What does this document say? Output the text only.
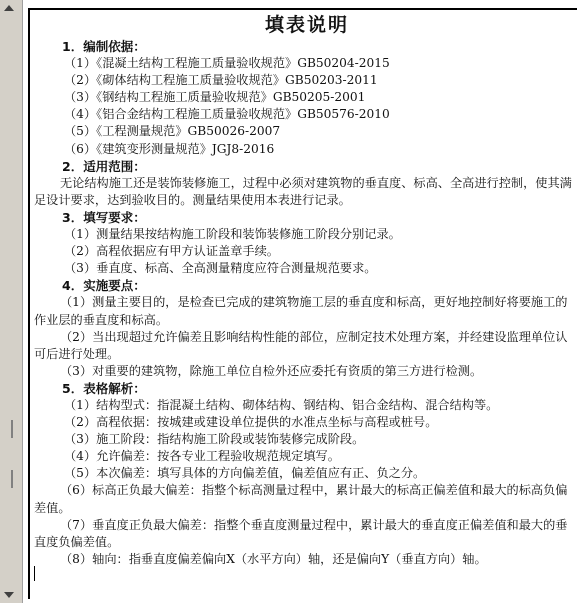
填表说明
1．编制依据：
（1）《混凝土结构工程施工质量验收规范》GB50204-2015
（2）《砌体结构工程施工质量验收规范》GB50203-2011
（3）《钢结构工程施工质量验收规范》GB50205-2001
（4）《铝合金结构工程施工质量验收规范》GB50576-2010
（5）《工程测量规范》GB50026-2007
（6）《建筑变形测量规范》JGJ8-2016
2．适用范围：
无论结构施工还是装饰装修施工，过程中必须对建筑物的垂直度、标高、全高进行控制，使其满足设计要求，达到验收目的。测量结果使用本表进行记录。
3．填写要求：
（1）测量结果按结构施工阶段和装饰装修施工阶段分别记录。
（2）高程依据应有甲方认证盖章手续。
（3）垂直度、标高、全高测量精度应符合测量规范要求。
4．实施要点：
（1）测量主要目的，是检查已完成的建筑物施工层的垂直度和标高，更好地控制好将要施工的作业层的垂直度和标高。
（2）当出现超过允许偏差且影响结构性能的部位，应制定技术处理方案，并经建设监理单位认可后进行处理。
（3）对重要的建筑物，除施工单位自检外还应委托有资质的第三方进行检测。
5．表格解析：
（1）结构型式：指混凝土结构、砌体结构、钢结构、铝合金结构、混合结构等。
（2）高程依据：按城建或建设单位提供的水准点坐标与高程或桩号。
（3）施工阶段：指结构施工阶段或装饰装修完成阶段。
（4）允许偏差：按各专业工程验收规范规定填写。
（5）本次偏差：填写具体的方向偏差值，偏差值应有正、负之分。
（6）标高正负最大偏差：指整个标高测量过程中，累计最大的标高正偏差值和最大的标高负偏差值。
（7）垂直度正负最大偏差：指整个垂直度测量过程中，累计最大的垂直度正偏差值和最大的垂直度负偏差值。
（8）轴向：指垂直度偏差偏向X（水平方向）轴，还是偏向Y（垂直方向）轴。
